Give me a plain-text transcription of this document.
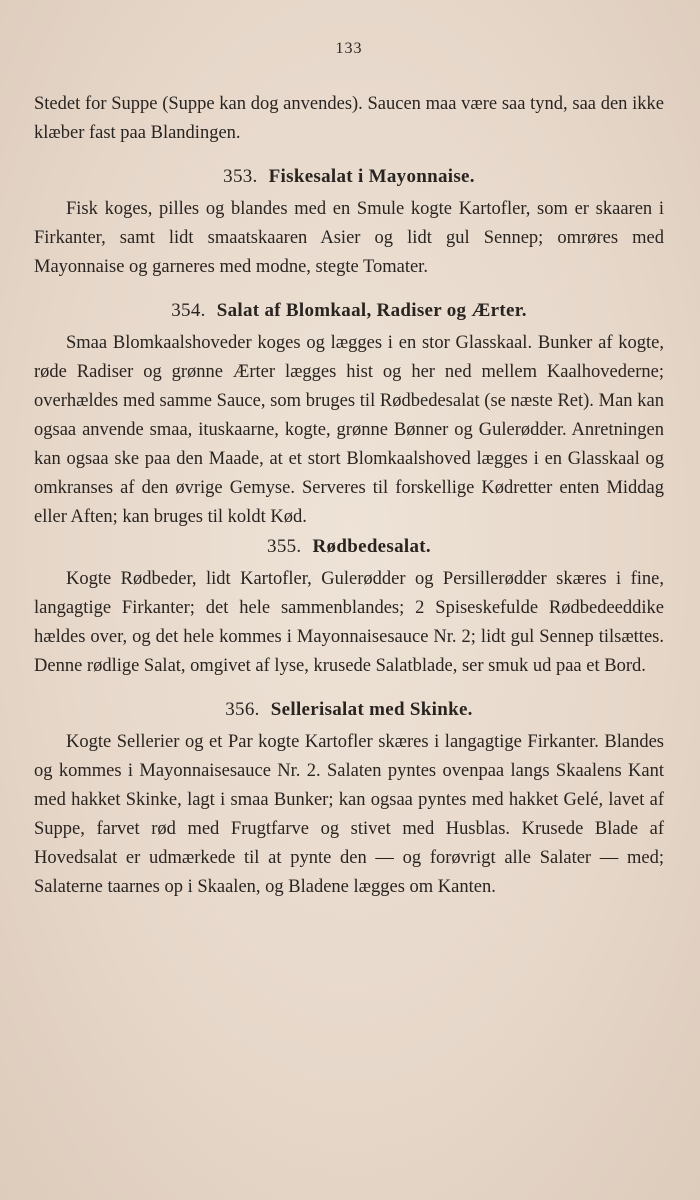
133

Stedet for Suppe (Suppe kan dog anvendes). Saucen maa være saa tynd, saa den ikke klæber fast paa Blandingen.

353. Fiskesalat i Mayonnaise.

Fisk koges, pilles og blandes med en Smule kogte Kartofler, som er skaaren i Firkanter, samt lidt smaatskaaren Asier og lidt gul Sennep; omrøres med Mayonnaise og garneres med modne, stegte Tomater.

354. Salat af Blomkaal, Radiser og Ærter.

Smaa Blomkaalshoveder koges og lægges i en stor Glasskaal. Bunker af kogte, røde Radiser og grønne Ærter lægges hist og her ned mellem Kaalhovederne; overhældes med samme Sauce, som bruges til Rødbedesalat (se næste Ret). Man kan ogsaa anvende smaa, ituskaarne, kogte, grønne Bønner og Gulerødder. Anretningen kan ogsaa ske paa den Maade, at et stort Blomkaalshoved lægges i en Glasskaal og omkranses af den øvrige Gemyse. Serveres til forskellige Kødretter enten Middag eller Aften; kan bruges til koldt Kød.

355. Rødbedesalat.

Kogte Rødbeder, lidt Kartofler, Gulerødder og Persillerødder skæres i fine, langagtige Firkanter; det hele sammenblandes; 2 Spiseskefulde Rødbedeeddike hældes over, og det hele kommes i Mayonnaisesauce Nr. 2; lidt gul Sennep tilsættes. Denne rødlige Salat, omgivet af lyse, krusede Salatblade, ser smuk ud paa et Bord.

356. Sellerisalat med Skinke.

Kogte Sellerier og et Par kogte Kartofler skæres i langagtige Firkanter. Blandes og kommes i Mayonnaisesauce Nr. 2. Salaten pyntes ovenpaa langs Skaalens Kant med hakket Skinke, lagt i smaa Bunker; kan ogsaa pyntes med hakket Gelé, lavet af Suppe, farvet rød med Frugtfarve og stivet med Husblas. Krusede Blade af Hovedsalat er udmærkede til at pynte den — og forøvrigt alle Salater — med; Salaterne taarnes op i Skaalen, og Bladene lægges om Kanten.
